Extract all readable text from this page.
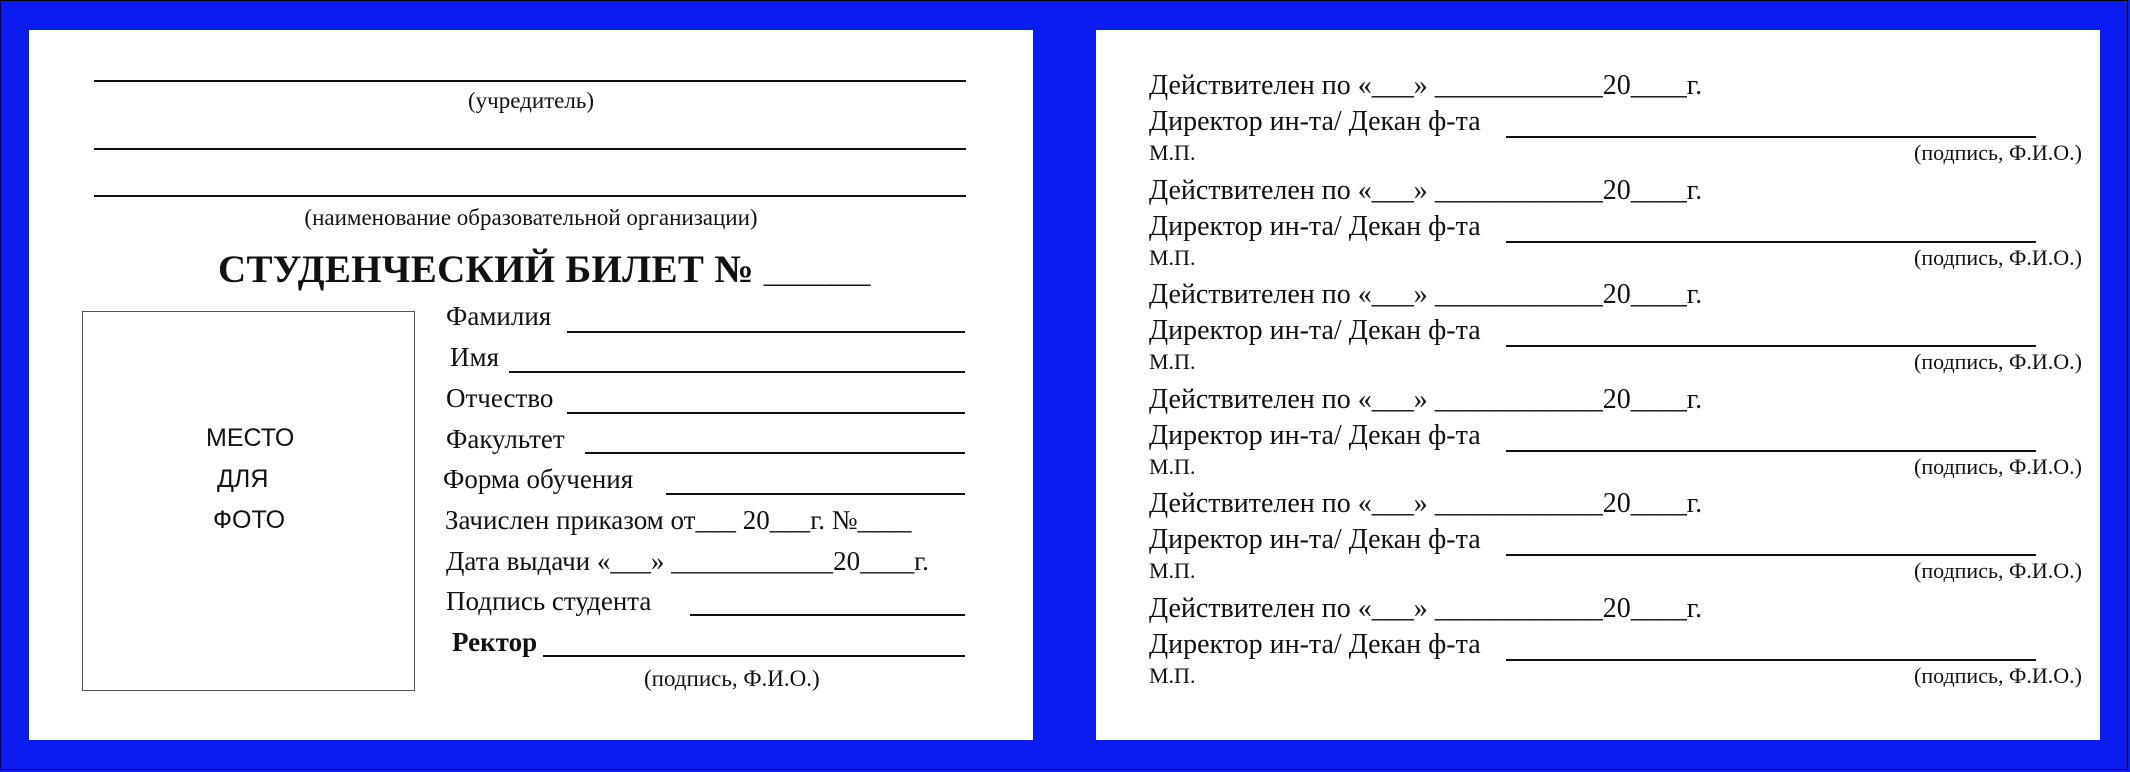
(учредитель)
(наименование образовательной организации)
СТУДЕНЧЕСКИЙ БИЛЕТ № _______
МЕСТО
ДЛЯ
ФОТО
Фамилия
Имя
Отчество
Факультет
Форма обучения
Зачислен приказом от___ 20___г. №____
Дата выдачи «___» ____________20____г.
Подпись студента
Ректор
(подпись, Ф.И.О.)
Действителен по «___» ____________20____г.
Директор ин-та/ Декан ф-та
М.П.	(подпись, Ф.И.О.)
Действителен по «___» ____________20____г.
Директор ин-та/ Декан ф-та
М.П.	(подпись, Ф.И.О.)
Действителен по «___» ____________20____г.
Директор ин-та/ Декан ф-та
М.П.	(подпись, Ф.И.О.)
Действителен по «___» ____________20____г.
Директор ин-та/ Декан ф-та
М.П.	(подпись, Ф.И.О.)
Действителен по «___» ____________20____г.
Директор ин-та/ Декан ф-та
М.П.	(подпись, Ф.И.О.)
Действителен по «___» ____________20____г.
Директор ин-та/ Декан ф-та
М.П.	(подпись, Ф.И.О.)
